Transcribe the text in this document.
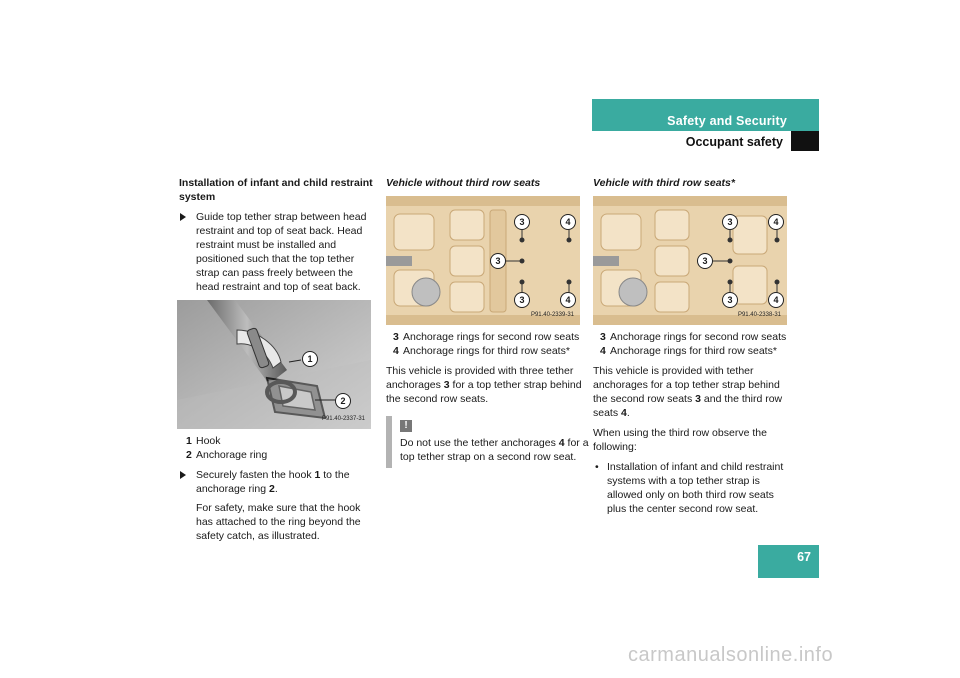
Safety and Security
Occupant safety

Installation of infant and child restraint system

Guide top tether strap between head restraint and top of seat back. Head restraint must be installed and positioned such that the top tether strap can pass freely between the head restraint and top of seat back.
1
2
P91.40-2337-31
1 Hook
2 Anchorage ring
Securely fasten the hook 1 to the anchorage ring 2.

For safety, make sure that the hook has attached to the ring beyond the safety catch, as illustrated.

Vehicle without third row seats

3	4
3
3	4
P91.40-2339-31
3 Anchorage rings for second row seats
4 Anchorage rings for third row seats*

This vehicle is provided with three tether anchorages 3 for a top tether strap behind the second row seats.

!

Do not use the tether anchorages 4 for a top tether strap on a second row seat.

Vehicle with third row seats*

3	4
3
3	4
P91.40-2338-31
3 Anchorage rings for second row seats
4 Anchorage rings for third row seats*

This vehicle is provided with tether anchorages for a top tether strap behind the second row seats 3 and the third row seats 4.

When using the third row observe the following:

• Installation of infant and child restraint systems with a top tether strap is allowed only on both third row seats plus the center second row seat.
67
carmanualsonline.info
